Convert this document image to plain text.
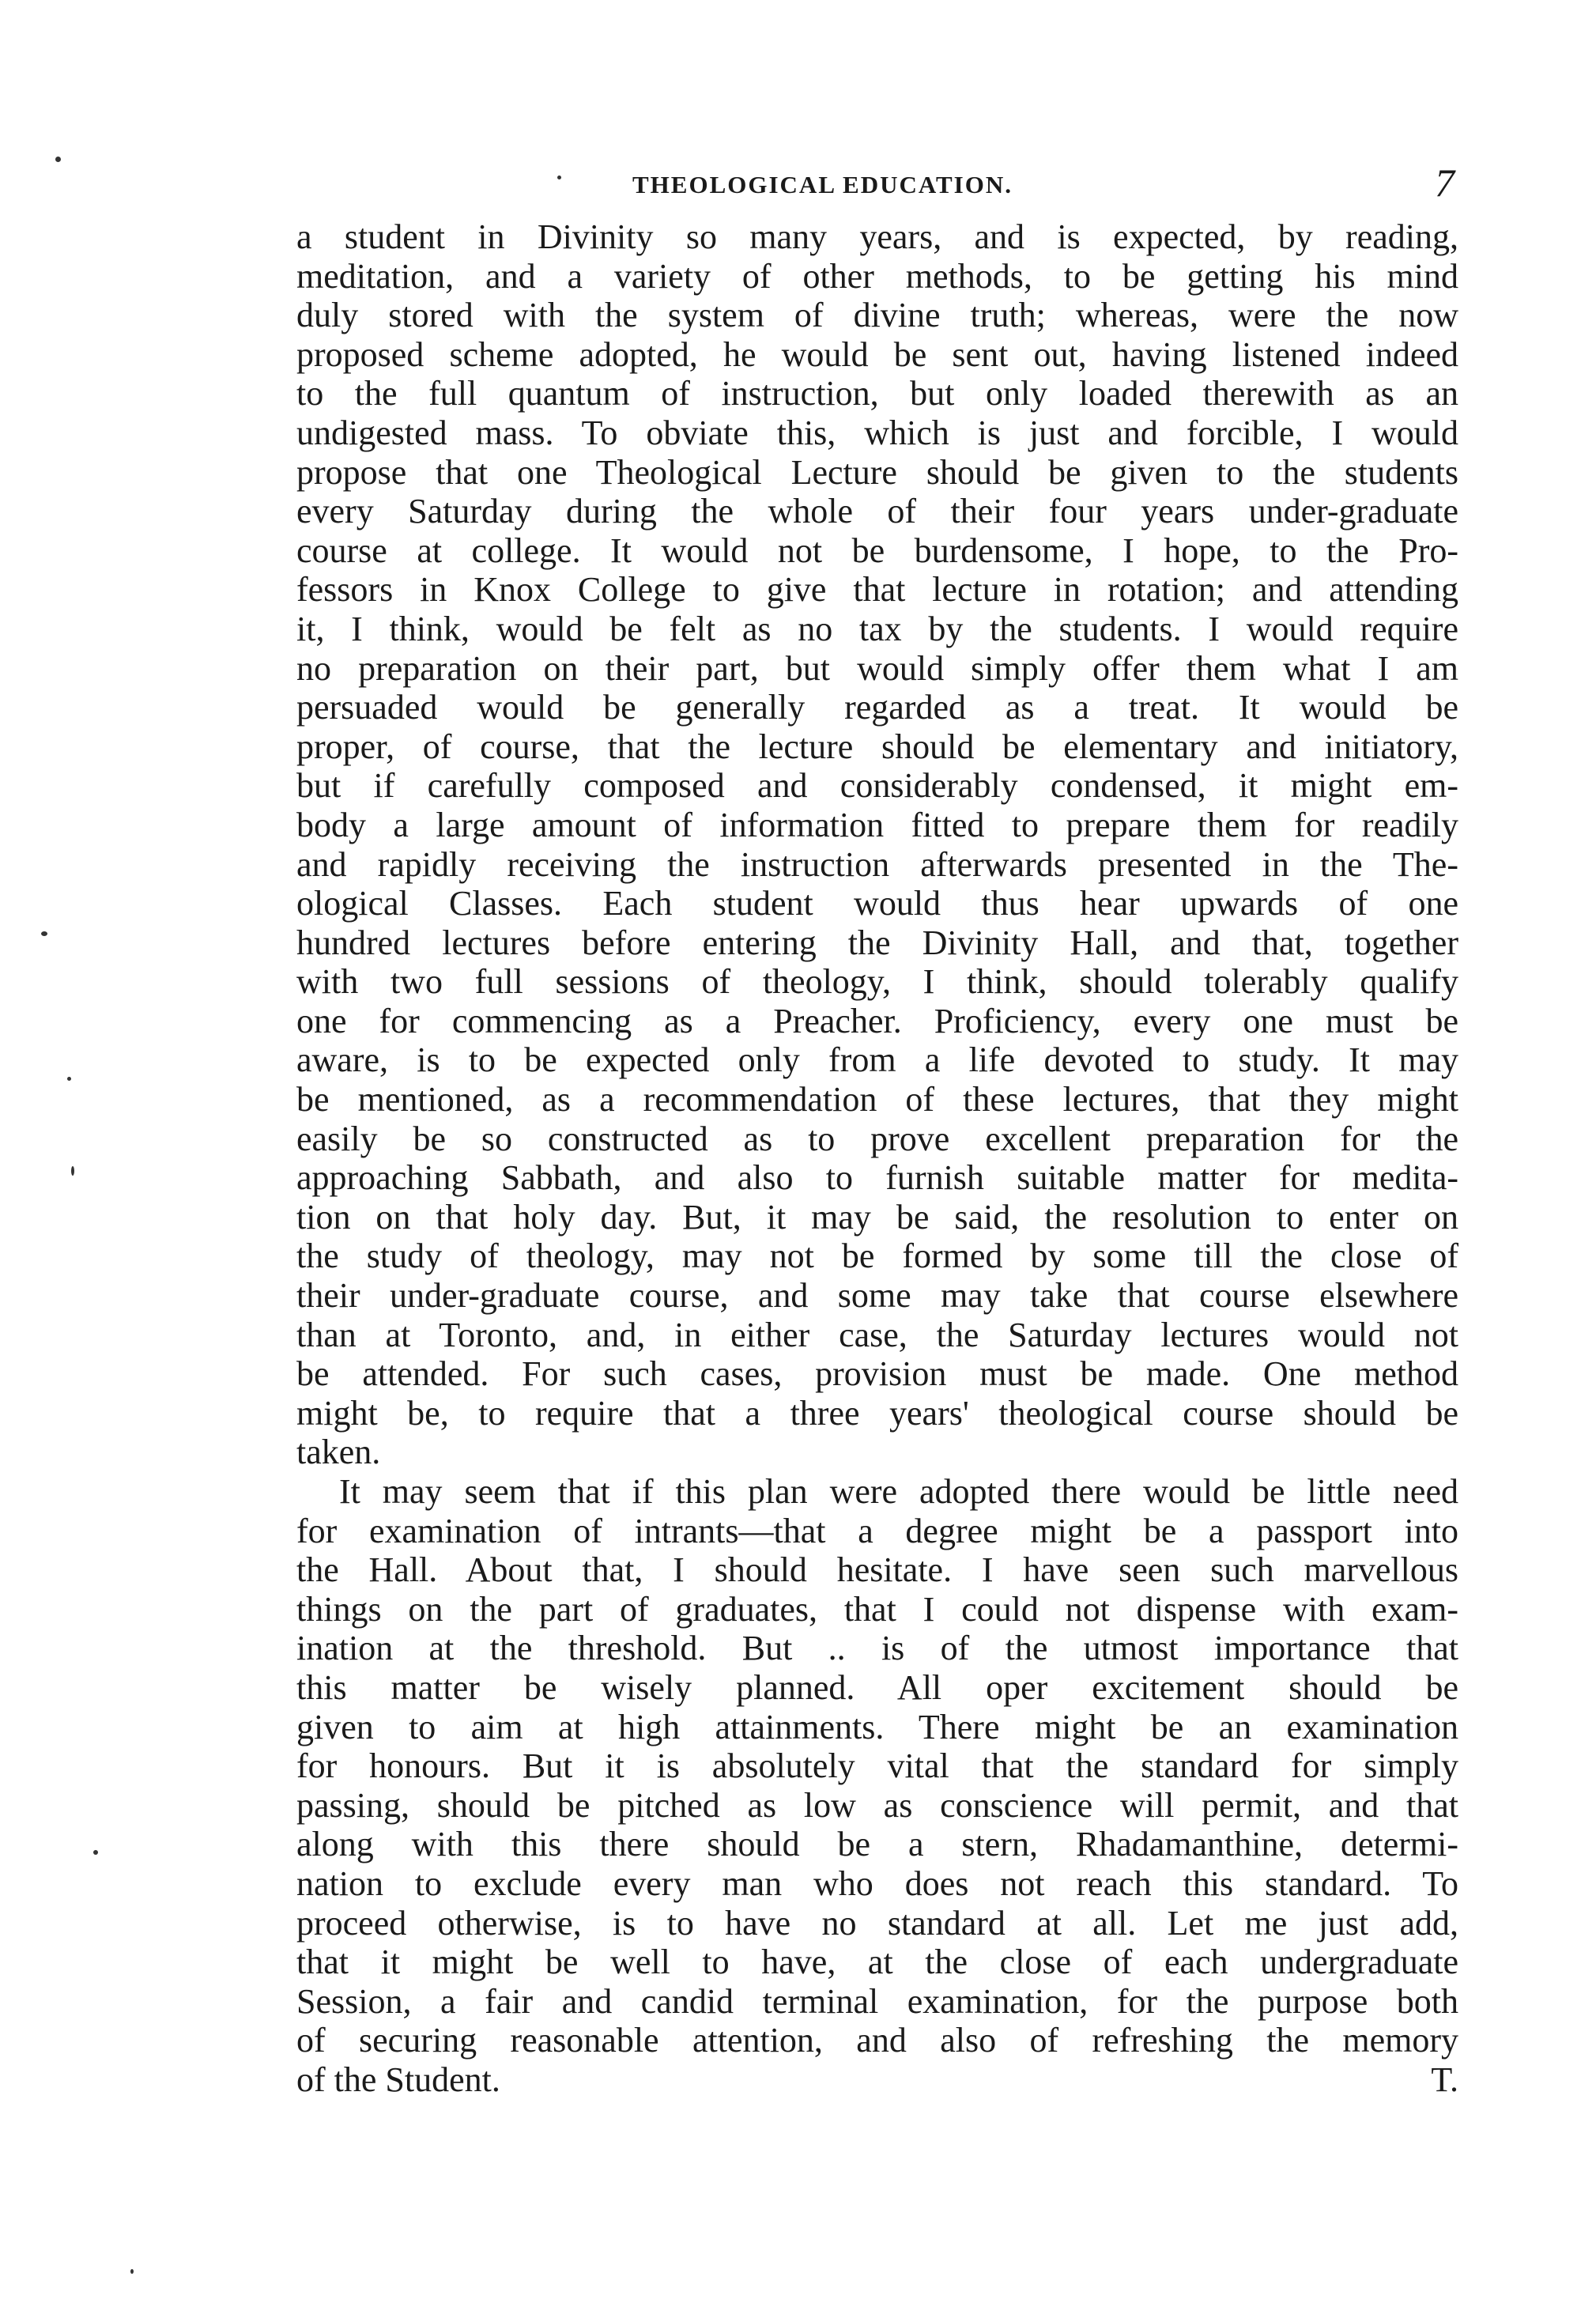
THEOLOGICAL EDUCATION.	7
a student in Divinity so many years, and is expected, by reading,
meditation, and a variety of other methods, to be getting his mind
duly stored with the system of divine truth; whereas, were the now
proposed scheme adopted, he would be sent out, having listened indeed
to the full quantum of instruction, but only loaded therewith as an
undigested mass. To obviate this, which is just and forcible, I would
propose that one Theological Lecture should be given to the students
every Saturday during the whole of their four years under-graduate
course at college. It would not be burdensome, I hope, to the Pro-
fessors in Knox College to give that lecture in rotation; and attending
it, I think, would be felt as no tax by the students. I would require
no preparation on their part, but would simply offer them what I am
persuaded would be generally regarded as a treat. It would be
proper, of course, that the lecture should be elementary and initiatory,
but if carefully composed and considerably condensed, it might em-
body a large amount of information fitted to prepare them for readily
and rapidly receiving the instruction afterwards presented in the The-
ological Classes. Each student would thus hear upwards of one
hundred lectures before entering the Divinity Hall, and that, together
with two full sessions of theology, I think, should tolerably qualify
one for commencing as a Preacher. Proficiency, every one must be
aware, is to be expected only from a life devoted to study. It may
be mentioned, as a recommendation of these lectures, that they might
easily be so constructed as to prove excellent preparation for the
approaching Sabbath, and also to furnish suitable matter for medita-
tion on that holy day. But, it may be said, the resolution to enter on
the study of theology, may not be formed by some till the close of
their under-graduate course, and some may take that course elsewhere
than at Toronto, and, in either case, the Saturday lectures would not
be attended. For such cases, provision must be made. One method
might be, to require that a three years' theological course should be
taken.
It may seem that if this plan were adopted there would be little need
for examination of intrants—that a degree might be a passport into
the Hall. About that, I should hesitate. I have seen such marvellous
things on the part of graduates, that I could not dispense with exam-
ination at the threshold. But .. is of the utmost importance that
this matter be wisely planned. All oper excitement should be
given to aim at high attainments. There might be an examination
for honours. But it is absolutely vital that the standard for simply
passing, should be pitched as low as conscience will permit, and that
along with this there should be a stern, Rhadamanthine, determi-
nation to exclude every man who does not reach this standard. To
proceed otherwise, is to have no standard at all. Let me just add,
that it might be well to have, at the close of each undergraduate
Session, a fair and candid terminal examination, for the purpose both
of securing reasonable attention, and also of refreshing the memory
of the Student.	T.
